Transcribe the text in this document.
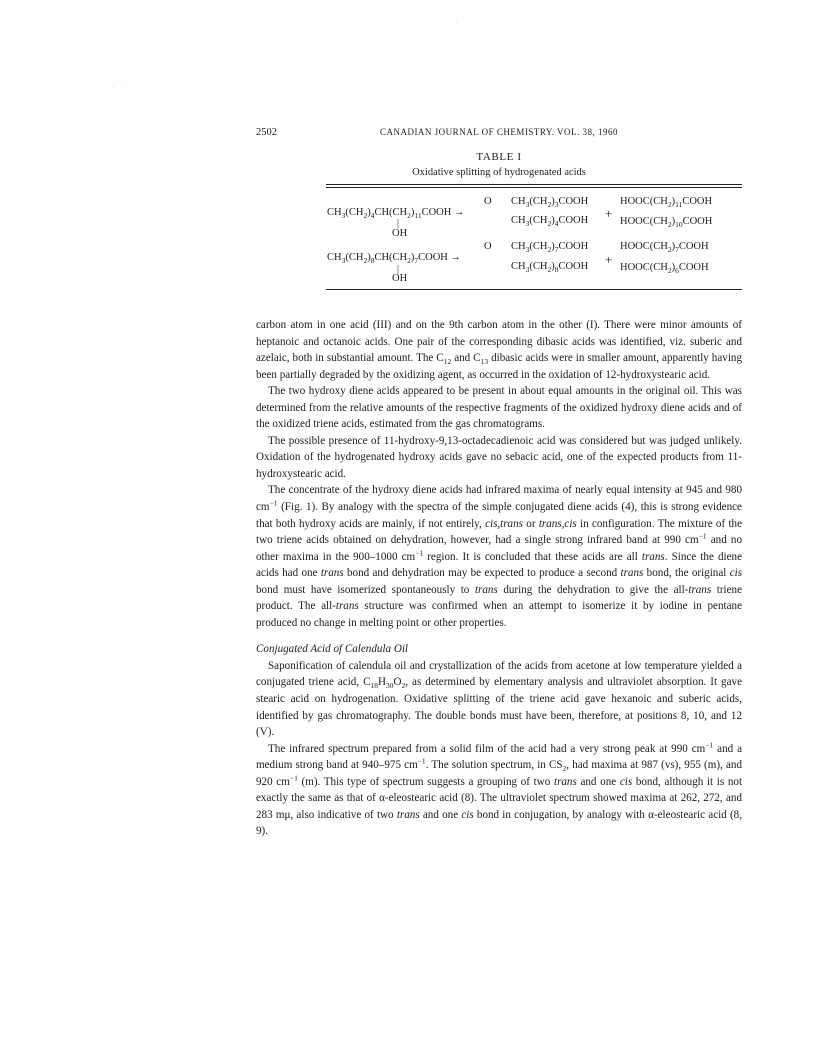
· ·
·
2502	CANADIAN JOURNAL OF CHEMISTRY. VOL. 38, 1960
TABLE I
Oxidative splitting of hydrogenated acids
O $CH_3(CH_2)_3COOH$	$HOOC(CH_2)_{11}COOH$
$CH_3(CH_2)_4CH(CH_2)_{11}COOH$ →	+
$CH_3(CH_2)_4COOH$	$HOOC(CH_2)_{10}COOH$
|
OH
O $CH_3(CH_2)_7COOH$	$HOOC(CH_2)_7COOH$
$CH_3(CH_2)_8CH(CH_2)_7COOH$ →	+
$CH_3(CH_2)_8COOH$	$HOOC(CH_2)_6COOH$
|
OH

carbon atom in one acid (III) and on the 9th carbon atom in the other (I). There were minor amounts of heptanoic and octanoic acids. One pair of the corresponding dibasic acids was identified, viz. suberic and azelaic, both in substantial amount. The $C_{12}$ and $C_{13}$ dibasic acids were in smaller amount, apparently having been partially degraded by the oxidizing agent, as occurred in the oxidation of 12-hydroxystearic acid.

The two hydroxy diene acids appeared to be present in about equal amounts in the original oil. This was determined from the relative amounts of the respective fragments of the oxidized hydroxy diene acids and of the oxidized triene acids, estimated from the gas chromatograms.

The possible presence of 11-hydroxy-9,13-octadecadienoic acid was considered but was judged unlikely. Oxidation of the hydrogenated hydroxy acids gave no sebacic acid, one of the expected products from 11-hydroxystearic acid.

The concentrate of the hydroxy diene acids had infrared maxima of nearly equal intensity at 945 and 980 $cm^{-1}$ (Fig. 1). By analogy with the spectra of the simple conjugated diene acids (4), this is strong evidence that both hydroxy acids are mainly, if not entirely, cis,trans or trans,cis in configuration. The mixture of the two triene acids obtained on dehydration, however, had a single strong infrared band at 990 $cm^{-1}$ and no other maxima in the 900–1000 $cm^{-1}$ region. It is concluded that these acids are all trans. Since the diene acids had one trans bond and dehydration may be expected to produce a second trans bond, the original cis bond must have isomerized spontaneously to trans during the dehydration to give the all-trans triene product. The all-trans structure was confirmed when an attempt to isomerize it by iodine in pentane produced no change in melting point or other properties.

Conjugated Acid of Calendula Oil

Saponification of calendula oil and crystallization of the acids from acetone at low temperature yielded a conjugated triene acid, $C_{18}H_{30}O_2$, as determined by elementary analysis and ultraviolet absorption. It gave stearic acid on hydrogenation. Oxidative splitting of the triene acid gave hexanoic and suberic acids, identified by gas chromatography. The double bonds must have been, therefore, at positions 8, 10, and 12 (V).

The infrared spectrum prepared from a solid film of the acid had a very strong peak at 990 $cm^{-1}$ and a medium strong band at 940–975 $cm^{-1}$. The solution spectrum, in $CS_2$, had maxima at 987 (vs), 955 (m), and 920 $cm^{-1}$ (m). This type of spectrum suggests a grouping of two trans and one cis bond, although it is not exactly the same as that of α-eleostearic acid (8). The ultraviolet spectrum showed maxima at 262, 272, and 283 mμ, also indicative of two trans and one cis bond in conjugation, by analogy with α-eleostearic acid (8, 9).
